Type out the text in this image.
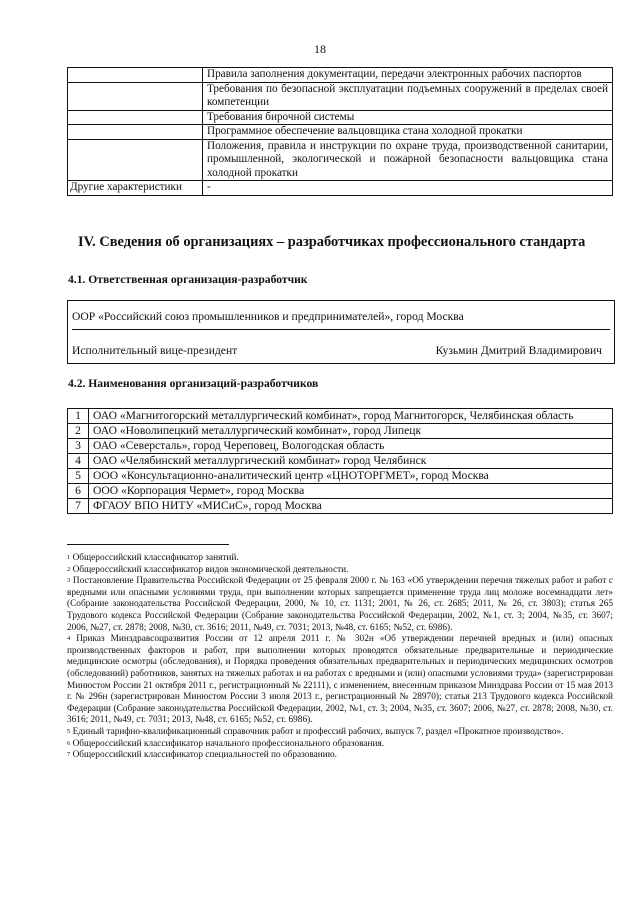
18
	Правила заполнения документации, передачи электронных рабочих паспортов
	Требования по безопасной эксплуатации подъемных сооружений в пределах своей компетенции
	Требования бирочной системы
	Программное обеспечение вальцовщика стана холодной прокатки
	Положения, правила и инструкции по охране труда, производственной санитарии, промышленной, экологической и пожарной безопасности вальцовщика стана холодной прокатки
Другие характеристики	-
IV. Сведения об организациях – разработчиках профессионального стандарта
4.1. Ответственная организация-разработчик
ООР «Российский союз промышленников и предпринимателей», город Москва
Исполнительный вице-президент	Кузьмин Дмитрий Владимирович
4.2. Наименования организаций-разработчиков
1	ОАО «Магнитогорский металлургический комбинат», город Магнитогорск, Челябинская область
2	ОАО «Новолипецкий металлургический комбинат», город Липецк
3	ОАО «Северсталь», город Череповец, Вологодская область
4	ОАО «Челябинский металлургический комбинат» город Челябинск
5	ООО «Консультационно-аналитический центр «ЦНОТОРГМЕТ», город Москва
6	ООО «Корпорация Чермет», город Москва
7	ФГАОУ ВПО НИТУ «МИСиС», город Москва

$^1$ Общероссийский классификатор занятий.

$^2$ Общероссийский классификатор видов экономической деятельности.

$^3$ Постановление Правительства Российской Федерации от 25 февраля 2000 г. № 163 «Об утверждении перечня тяжелых работ и работ с вредными или опасными условиями труда, при выполнении которых запрещается применение труда лиц моложе восемнадцати лет» (Собрание законодательства Российской Федерации, 2000, № 10, ст. 1131; 2001, № 26, ст. 2685; 2011, № 26, ст. 3803); статья 265 Трудового кодекса Российской Федерации (Собрание законодательства Российской Федерации, 2002, №1, ст. 3; 2004, №35, ст. 3607; 2006, №27, ст. 2878; 2008, №30, ст. 3616; 2011, №49, ст. 7031; 2013, №48, ст. 6165; №52, ст. 6986).

$^4$ Приказ Минздравсоцразвития России от 12 апреля 2011 г. № 302н «Об утверждении перечней вредных и (или) опасных производственных факторов и работ, при выполнении которых проводятся обязательные предварительные и периодические медицинские осмотры (обследования), и Порядка проведения обязательных предварительных и периодических медицинских осмотров (обследований) работников, занятых на тяжелых работах и на работах с вредными и (или) опасными условиями труда» (зарегистрирован Минюстом России 21 октября 2011 г., регистрационный № 22111), с изменением, внесенным приказом Минздрава России от 15 мая 2013 г. № 296н (зарегистрирован Минюстом России 3 июля 2013 г., регистрационный № 28970); статья 213 Трудового кодекса Российской Федерации (Собрание законодательства Российской Федерации, 2002, №1, ст. 3; 2004, №35, ст. 3607; 2006, №27, ст. 2878; 2008, №30, ст. 3616; 2011, №49, ст. 7031; 2013, №48, ст. 6165; №52, ст. 6986).

$^5$ Единый тарифно-квалификационный справочник работ и профессий рабочих, выпуск 7, раздел «Прокатное производство».

$^6$ Общероссийский классификатор начального профессионального образования.

$^7$ Общероссийский классификатор специальностей по образованию.
